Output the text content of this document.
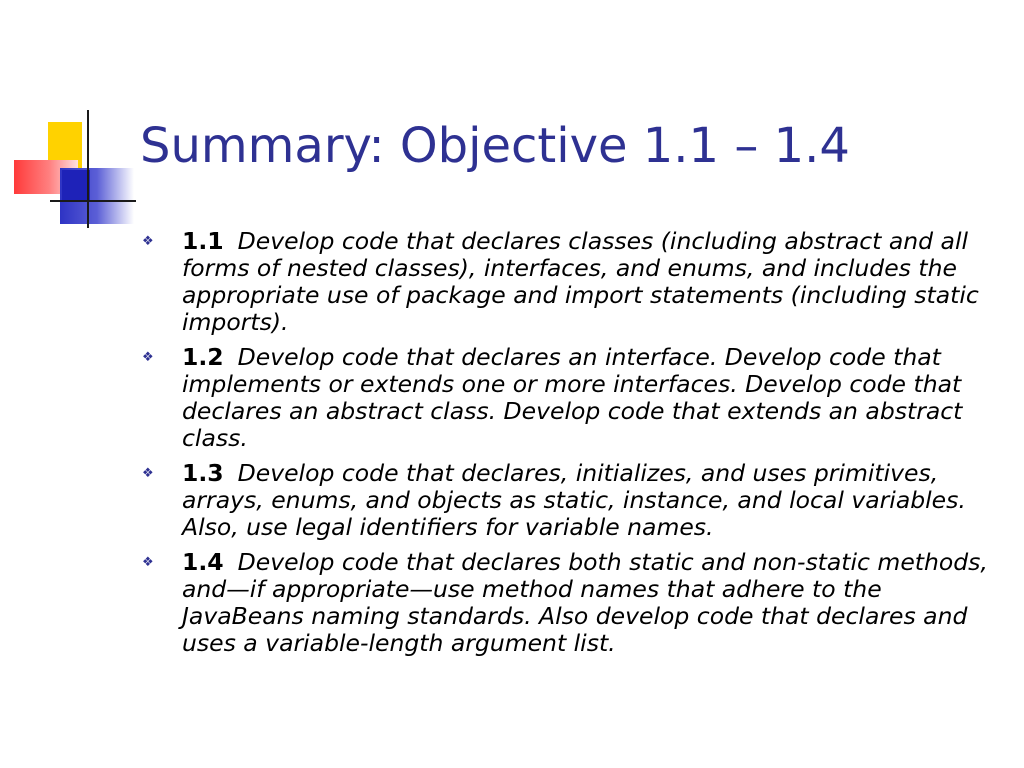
Summary: Objective 1.1 – 1.4
❖ 1.1 Develop code that declares classes (including abstract and all forms of nested classes), interfaces, and enums, and includes the appropriate use of package and import statements (including static imports).
❖ 1.2 Develop code that declares an interface. Develop code that implements or extends one or more interfaces. Develop code that declares an abstract class. Develop code that extends an abstract class.
❖ 1.3 Develop code that declares, initializes, and uses primitives, arrays, enums, and objects as static, instance, and local variables. Also, use legal identifiers for variable names.
❖ 1.4 Develop code that declares both static and non-static methods, and—if appropriate—use method names that adhere to the JavaBeans naming standards. Also develop code that declares and uses a variable-length argument list.
